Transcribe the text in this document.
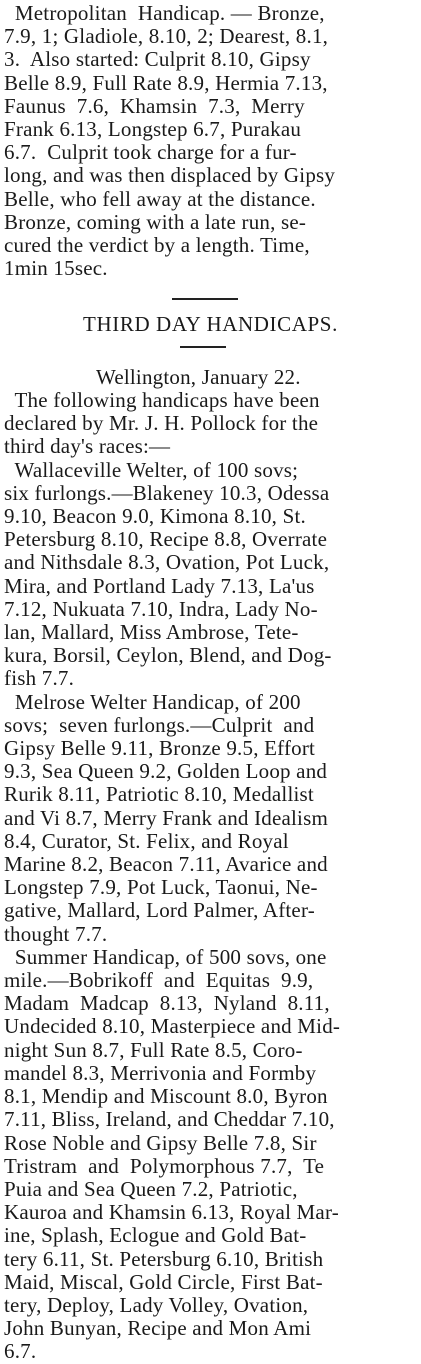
Metropolitan  Handicap. — Bronze,
7.9, 1; Gladiole, 8.10, 2; Dearest, 8.1,
3.  Also started: Culprit 8.10, Gipsy
Belle 8.9, Full Rate 8.9, Hermia 7.13,
Faunus  7.6,  Khamsin  7.3,  Merry
Frank 6.13, Longstep 6.7, Purakau
6.7.  Culprit took charge for a fur-
long, and was then displaced by Gipsy
Belle, who fell away at the distance.
Bronze, coming with a late run, se-
cured the verdict by a length. Time,
1min 15sec.
THIRD DAY HANDICAPS.
Wellington, January 22.
The following handicaps have been
declared by Mr. J. H. Pollock for the
third day's races:—
Wallaceville Welter, of 100 sovs;
six furlongs.—Blakeney 10.3, Odessa
9.10, Beacon 9.0, Kimona 8.10, St.
Petersburg 8.10, Recipe 8.8, Overrate
and Nithsdale 8.3, Ovation, Pot Luck,
Mira, and Portland Lady 7.13, La'us
7.12, Nukuata 7.10, Indra, Lady No-
lan, Mallard, Miss Ambrose, Tete-
kura, Borsil, Ceylon, Blend, and Dog-
fish 7.7.
Melrose Welter Handicap, of 200
sovs;  seven furlongs.—Culprit  and
Gipsy Belle 9.11, Bronze 9.5, Effort
9.3, Sea Queen 9.2, Golden Loop and
Rurik 8.11, Patriotic 8.10, Medallist
and Vi 8.7, Merry Frank and Idealism
8.4, Curator, St. Felix, and Royal
Marine 8.2, Beacon 7.11, Avarice and
Longstep 7.9, Pot Luck, Taonui, Ne-
gative, Mallard, Lord Palmer, After-
thought 7.7.
Summer Handicap, of 500 sovs, one
mile.—Bobrikoff  and  Equitas  9.9,
Madam  Madcap  8.13,  Nyland  8.11,
Undecided 8.10, Masterpiece and Mid-
night Sun 8.7, Full Rate 8.5, Coro-
mandel 8.3, Merrivonia and Formby
8.1, Mendip and Miscount 8.0, Byron
7.11, Bliss, Ireland, and Cheddar 7.10,
Rose Noble and Gipsy Belle 7.8, Sir
Tristram  and  Polymorphous 7.7,  Te
Puia and Sea Queen 7.2, Patriotic,
Kauroa and Khamsin 6.13, Royal Mar-
ine, Splash, Eclogue and Gold Bat-
tery 6.11, St. Petersburg 6.10, British
Maid, Miscal, Gold Circle, First Bat-
tery, Deploy, Lady Volley, Ovation,
John Bunyan, Recipe and Mon Ami
6.7.
